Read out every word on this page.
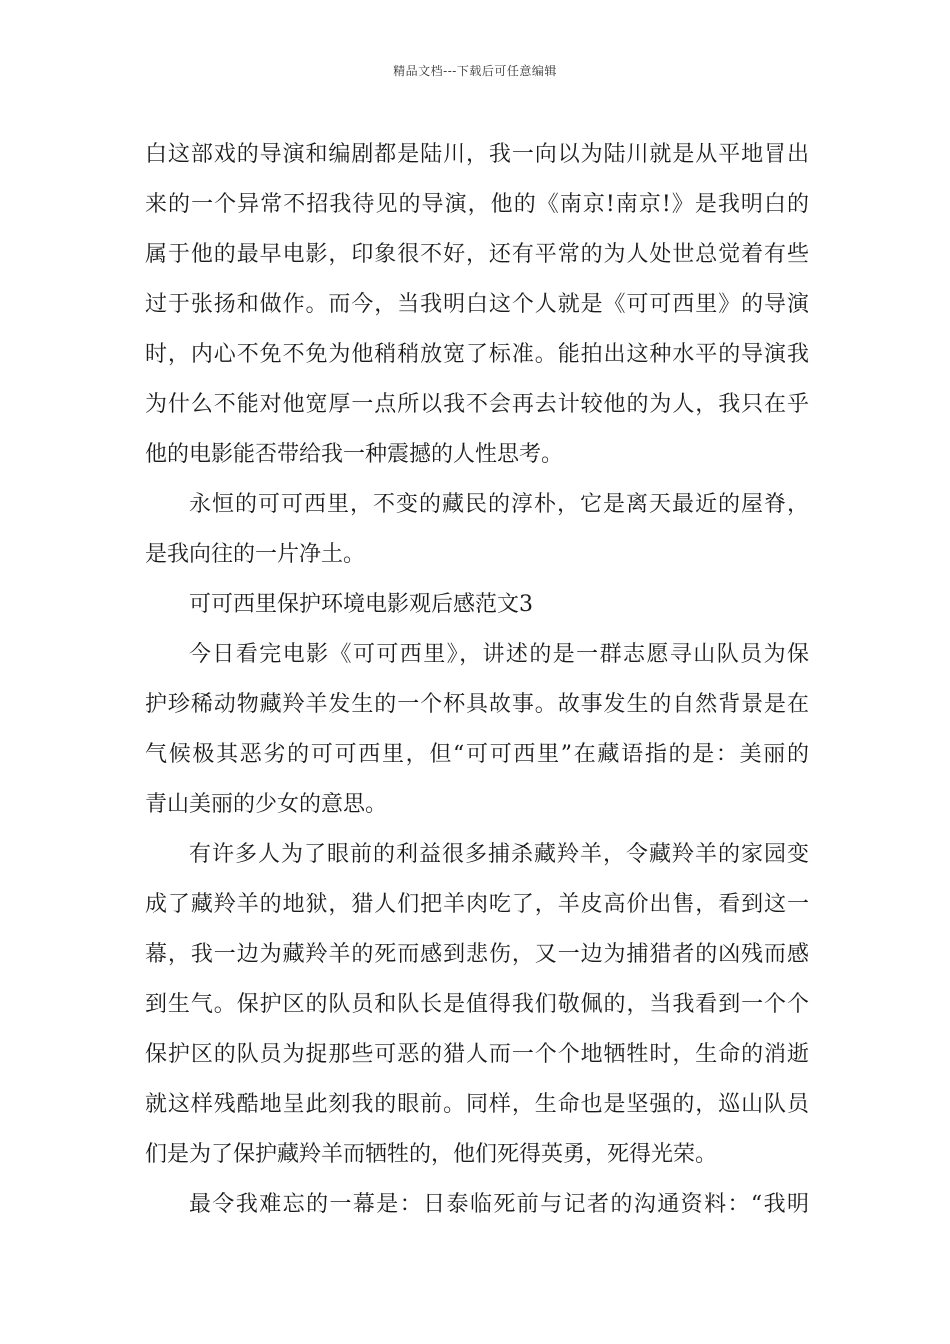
精品文档---下载后可任意编辑
白这部戏的导演和编剧都是陆川，我一向以为陆川就是从平地冒出
来的一个异常不招我待见的导演，他的《南京!南京!》是我明白的
属于他的最早电影，印象很不好，还有平常的为人处世总觉着有些
过于张扬和做作。而今，当我明白这个人就是《可可西里》的导演
时，内心不免不免为他稍稍放宽了标准。能拍出这种水平的导演我
为什么不能对他宽厚一点所以我不会再去计较他的为人，我只在乎
他的电影能否带给我一种震撼的人性思考。
永恒的可可西里，不变的藏民的淳朴，它是离天最近的屋脊，
是我向往的一片净土。
可可西里保护环境电影观后感范文3
今日看完电影《可可西里》，讲述的是一群志愿寻山队员为保
护珍稀动物藏羚羊发生的一个杯具故事。故事发生的自然背景是在
气候极其恶劣的可可西里，但“可可西里”在藏语指的是：美丽的
青山美丽的少女的意思。
有许多人为了眼前的利益很多捕杀藏羚羊，令藏羚羊的家园变
成了藏羚羊的地狱，猎人们把羊肉吃了，羊皮高价出售，看到这一
幕，我一边为藏羚羊的死而感到悲伤，又一边为捕猎者的凶残而感
到生气。保护区的队员和队长是值得我们敬佩的，当我看到一个个
保护区的队员为捉那些可恶的猎人而一个个地牺牲时，生命的消逝
就这样残酷地呈此刻我的眼前。同样，生命也是坚强的，巡山队员
们是为了保护藏羚羊而牺牲的，他们死得英勇，死得光荣。
最令我难忘的一幕是：日泰临死前与记者的沟通资料：“我明
